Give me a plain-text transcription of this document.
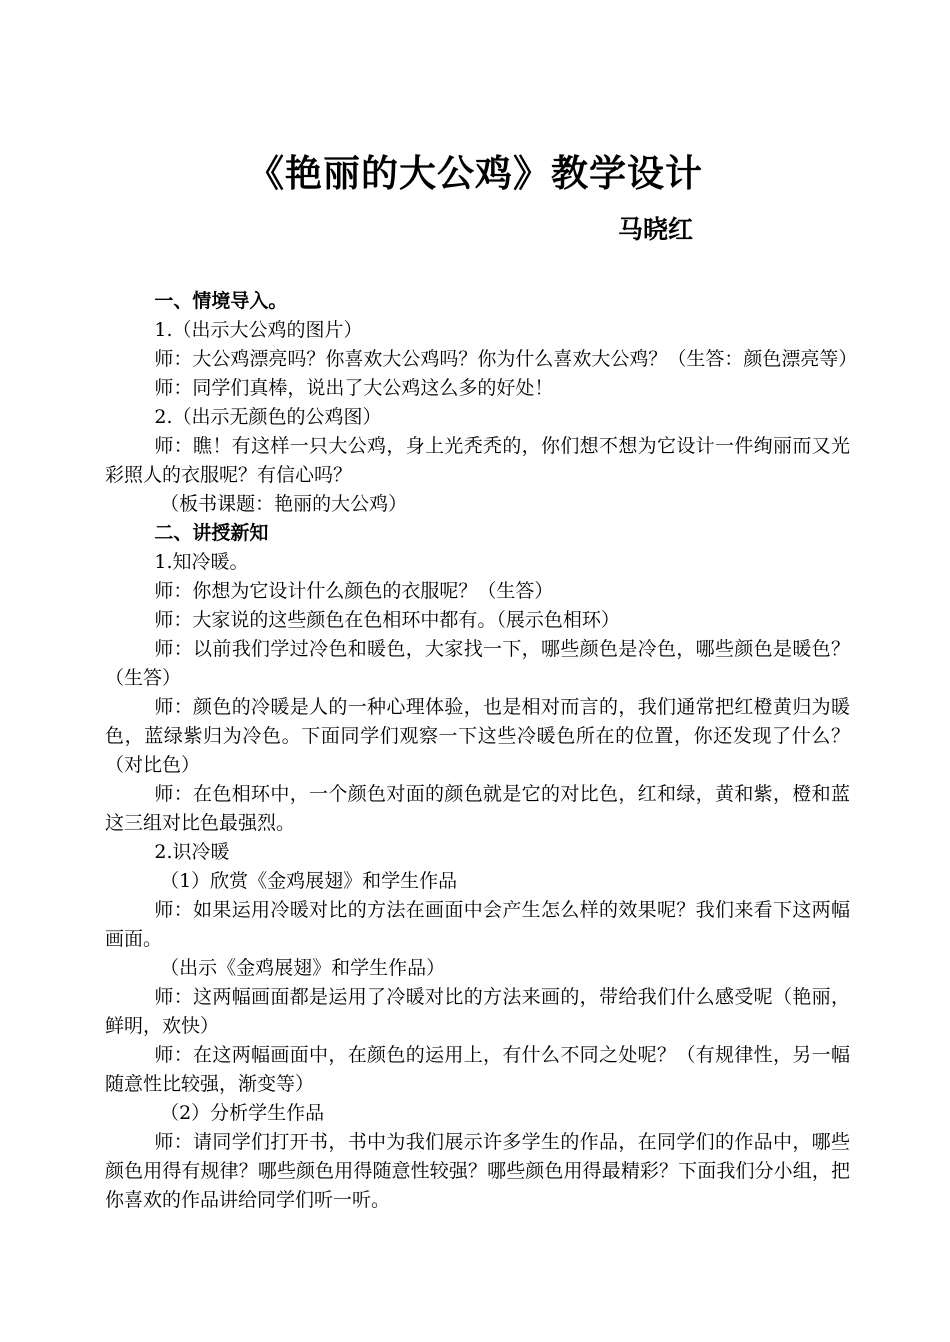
《艳丽的大公鸡》教学设计
马晓红

一、情境导入。

1.（出示大公鸡的图片）

师：大公鸡漂亮吗？你喜欢大公鸡吗？你为什么喜欢大公鸡？（生答：颜色漂亮等）

师：同学们真棒，说出了大公鸡这么多的好处！

2.（出示无颜色的公鸡图）

师：瞧！有这样一只大公鸡，身上光秃秃的，你们想不想为它设计一件绚丽而又光彩照人的衣服呢？有信心吗？

（板书课题：艳丽的大公鸡）

二、讲授新知

1.知冷暖。

师：你想为它设计什么颜色的衣服呢？（生答）

师：大家说的这些颜色在色相环中都有。（展示色相环）

师：以前我们学过冷色和暖色，大家找一下，哪些颜色是冷色，哪些颜色是暖色？（生答）

师：颜色的冷暖是人的一种心理体验，也是相对而言的，我们通常把红橙黄归为暖色，蓝绿紫归为冷色。下面同学们观察一下这些冷暖色所在的位置，你还发现了什么？（对比色）

师：在色相环中，一个颜色对面的颜色就是它的对比色，红和绿，黄和紫，橙和蓝这三组对比色最强烈。

2.识冷暖

（1）欣赏《金鸡展翅》和学生作品

师：如果运用冷暖对比的方法在画面中会产生怎么样的效果呢？我们来看下这两幅画面。

（出示《金鸡展翅》和学生作品）

师：这两幅画面都是运用了冷暖对比的方法来画的，带给我们什么感受呢（艳丽，鲜明，欢快）

师：在这两幅画面中，在颜色的运用上，有什么不同之处呢？（有规律性，另一幅随意性比较强，渐变等）

（2）分析学生作品

师：请同学们打开书，书中为我们展示许多学生的作品，在同学们的作品中，哪些颜色用得有规律？哪些颜色用得随意性较强？哪些颜色用得最精彩？下面我们分小组，把你喜欢的作品讲给同学们听一听。
